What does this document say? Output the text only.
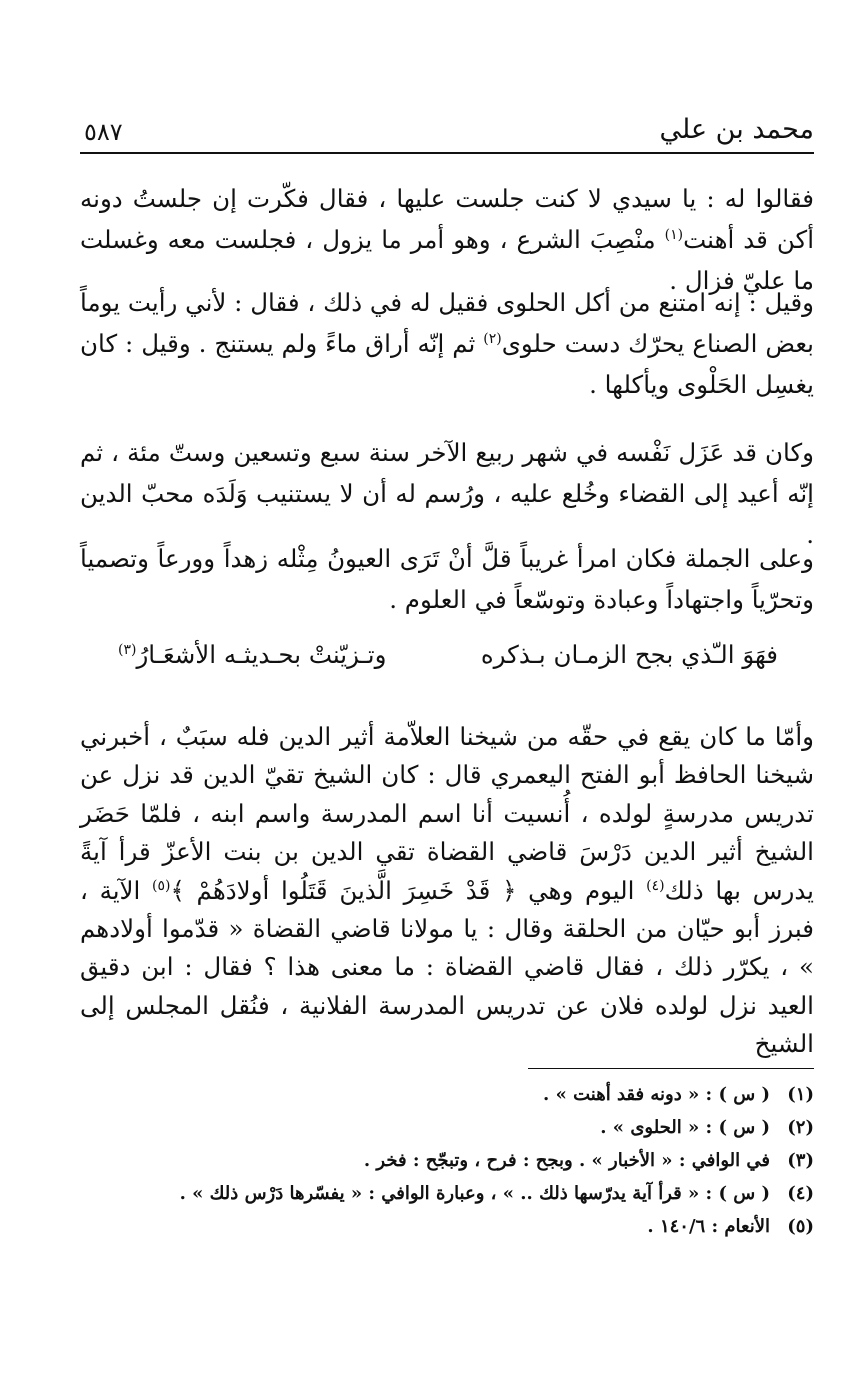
محمد بن علي
٥٨٧

فقالوا له : يا سيدي لا كنت جلست عليها ، فقال فكّرت إن جلستُ دونه أكن قد أهنت$^{(١)}$ منْصِبَ الشرع ، وهو أمر ما يزول ، فجلست معه وغسلت ما عليّ فزال .

وقيل : إنه امتنع من أكل الحلوى فقيل له في ذلك ، فقال : لأني رأيت يوماً بعض الصناع يحرّك دست حلوى$^{(٢)}$ ثم إنّه أراق ماءً ولم يستنج . وقيل : كان يغسِل الحَلْوى ويأكلها .

وكان قد عَزَل نَفْسه في شهر ربيع الآخر سنة سبع وتسعين وستّ مئة ، ثم إنّه أعيد إلى القضاء وخُلع عليه ، ورُسم له أن لا يستنيب وَلَدَه محبّ الدين .

وعلى الجملة فكان امرأ غريباً قلَّ أنْ تَرَى العيونُ مِثْله زهداً وورعاً وتصمياً وتحرّياً واجتهاداً وعبادة وتوسّعاً في العلوم .

فهَوَ الـّذي بجح الزمـان بـذكره
وتـزيّنتْ بحـديثـه الأشعَـارُ$^{(٣)}$

وأمّا ما كان يقع في حقّه من شيخنا العلاّمة أثير الدين فله سبَبٌ ، أخبرني شيخنا الحافظ أبو الفتح اليعمري قال : كان الشيخ تقيّ الدين قد نزل عن تدريس مدرسةٍ لولده ، أُنسيت أنا اسم المدرسة واسم ابنه ، فلمّا حَضَر الشيخ أثير الدين دَرْسَ قاضي القضاة تقي الدين بن بنت الأعزّ قرأ آيةً يدرس بها ذلك$^{(٤)}$ اليوم وهي ﴿ قَدْ خَسِرَ الَّذينَ قَتَلُوا أولادَهُمْ ﴾$^{(٥)}$ الآية ، فبرز أبو حيّان من الحلقة وقال : يا مولانا قاضي القضاة « قدّموا أولادهم » ، يكرّر ذلك ، فقال قاضي القضاة : ما معنى هذا ؟ فقال : ابن دقيق العيد نزل لولده فلان عن تدريس المدرسة الفلانية ، فنُقل المجلس إلى الشيخ

(١)
( س ) : « دونه فقد أهنت » .
(٢)
( س ) : « الحلوى » .
(٣)
في الوافي : « الأخبار » . وبجح : فرح ، وتبجّح : فخر .
(٤)
( س ) : « قرأ آية يدرّسها ذلك .. » ، وعبارة الوافي : « يفسّرها دَرْس ذلك » .
(٥)
الأنعام : ١٤٠/٦ .
